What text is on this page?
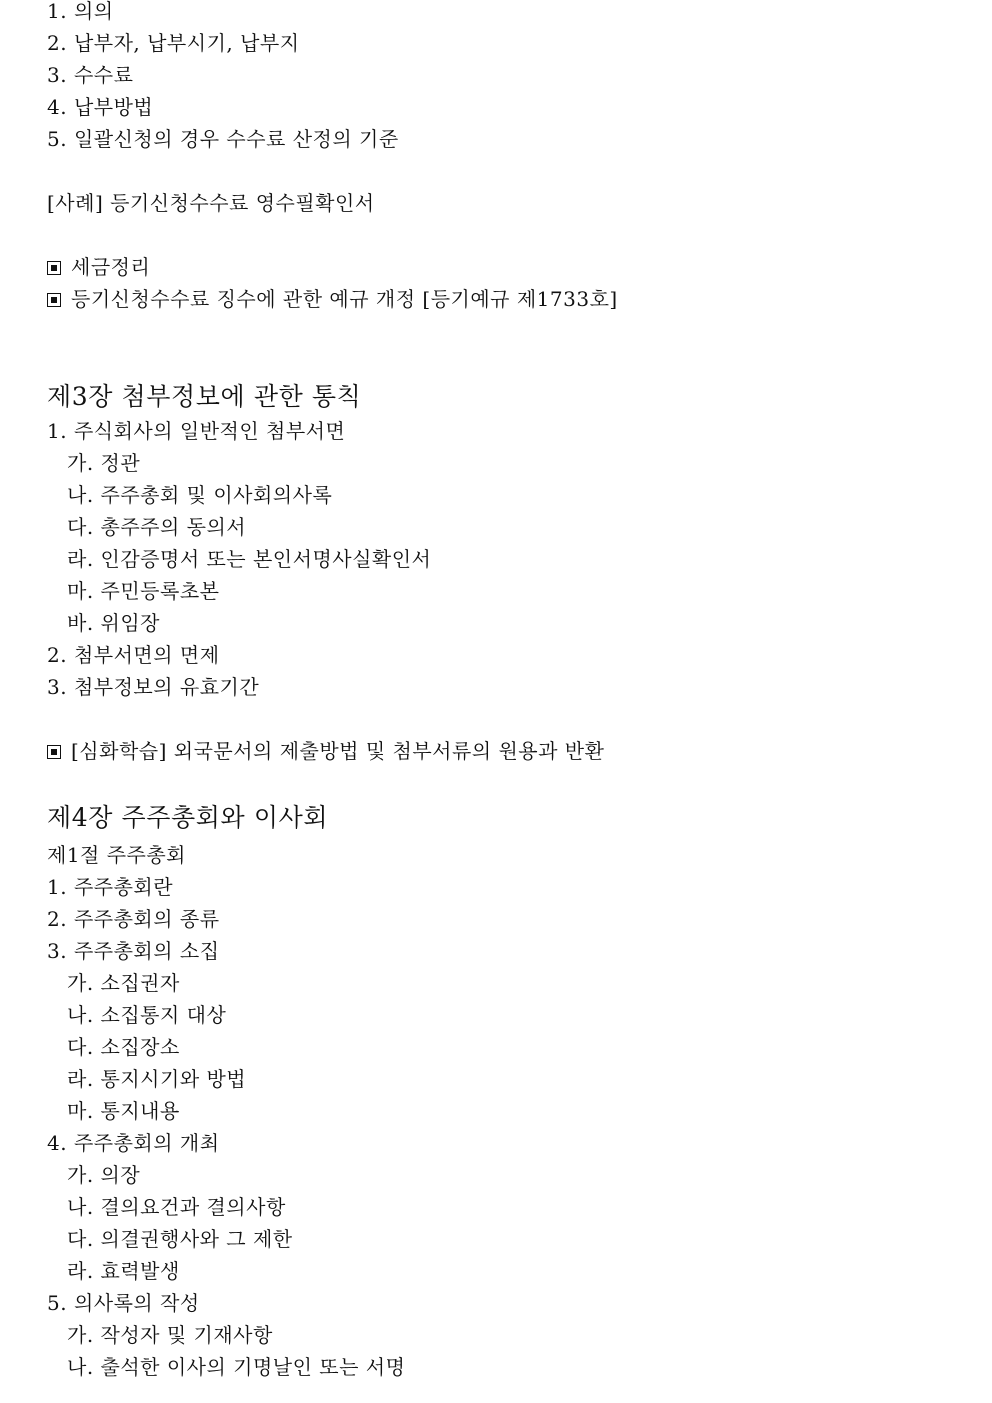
1. 의의
2. 납부자, 납부시기, 납부지
3. 수수료
4. 납부방법
5. 일괄신청의 경우 수수료 산정의 기준
[사례] 등기신청수수료 영수필확인서
세금정리
등기신청수수료 징수에 관한 예규 개정 [등기예규 제1733호]
제3장 첨부정보에 관한 통칙
1. 주식회사의 일반적인 첨부서면
가. 정관
나. 주주총회 및 이사회의사록
다. 총주주의 동의서
라. 인감증명서 또는 본인서명사실확인서
마. 주민등록초본
바. 위임장
2. 첨부서면의 면제
3. 첨부정보의 유효기간
[심화학습] 외국문서의 제출방법 및 첨부서류의 원용과 반환
제4장 주주총회와 이사회
제1절 주주총회
1. 주주총회란
2. 주주총회의 종류
3. 주주총회의 소집
가. 소집권자
나. 소집통지 대상
다. 소집장소
라. 통지시기와 방법
마. 통지내용
4. 주주총회의 개최
가. 의장
나. 결의요건과 결의사항
다. 의결권행사와 그 제한
라. 효력발생
5. 의사록의 작성
가. 작성자 및 기재사항
나. 출석한 이사의 기명날인 또는 서명
